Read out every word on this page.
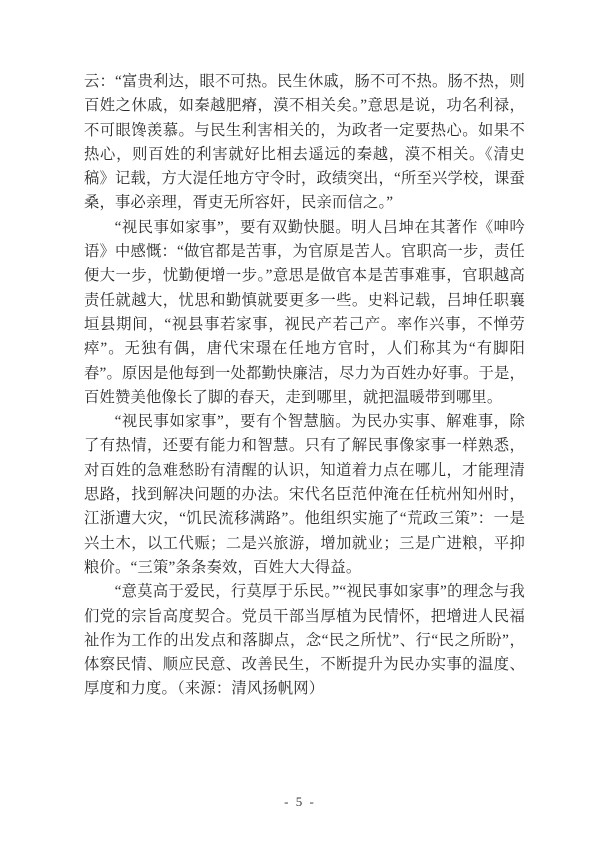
云：“富贵利达，眼不可热。民生休戚，肠不可不热。肠不热，则百姓之休戚，如秦越肥瘠，漠不相关矣。”意思是说，功名利禄，不可眼馋羡慕。与民生利害相关的，为政者一定要热心。如果不热心，则百姓的利害就好比相去遥远的秦越，漠不相关。《清史稿》记载，方大湜任地方守令时，政绩突出，“所至兴学校，课蚕桑，事必亲理，胥吏无所容奸，民亲而信之。”

“视民事如家事”，要有双勤快腿。明人吕坤在其著作《呻吟语》中感慨：“做官都是苦事，为官原是苦人。官职高一步，责任便大一步，忧勤便增一步。”意思是做官本是苦事难事，官职越高责任就越大，忧思和勤慎就要更多一些。史料记载，吕坤任职襄垣县期间，“视县事若家事，视民产若己产。率作兴事，不惮劳瘁”。无独有偶，唐代宋璟在任地方官时，人们称其为“有脚阳春”。原因是他每到一处都勤快廉洁，尽力为百姓办好事。于是，百姓赞美他像长了脚的春天，走到哪里，就把温暖带到哪里。

“视民事如家事”，要有个智慧脑。为民办实事、解难事，除了有热情，还要有能力和智慧。只有了解民事像家事一样熟悉，对百姓的急难愁盼有清醒的认识，知道着力点在哪儿，才能理清思路，找到解决问题的办法。宋代名臣范仲淹在任杭州知州时，江浙遭大灾，“饥民流移满路”。他组织实施了“荒政三策”：一是兴土木，以工代赈；二是兴旅游，增加就业；三是广进粮，平抑粮价。“三策”条条奏效，百姓大大得益。

“意莫高于爱民，行莫厚于乐民。”“视民事如家事”的理念与我们党的宗旨高度契合。党员干部当厚植为民情怀，把增进人民福祉作为工作的出发点和落脚点，念“民之所忧”、行“民之所盼”，体察民情、顺应民意、改善民生，不断提升为民办实事的温度、厚度和力度。（来源：清风扬帆网）

- 5 -
